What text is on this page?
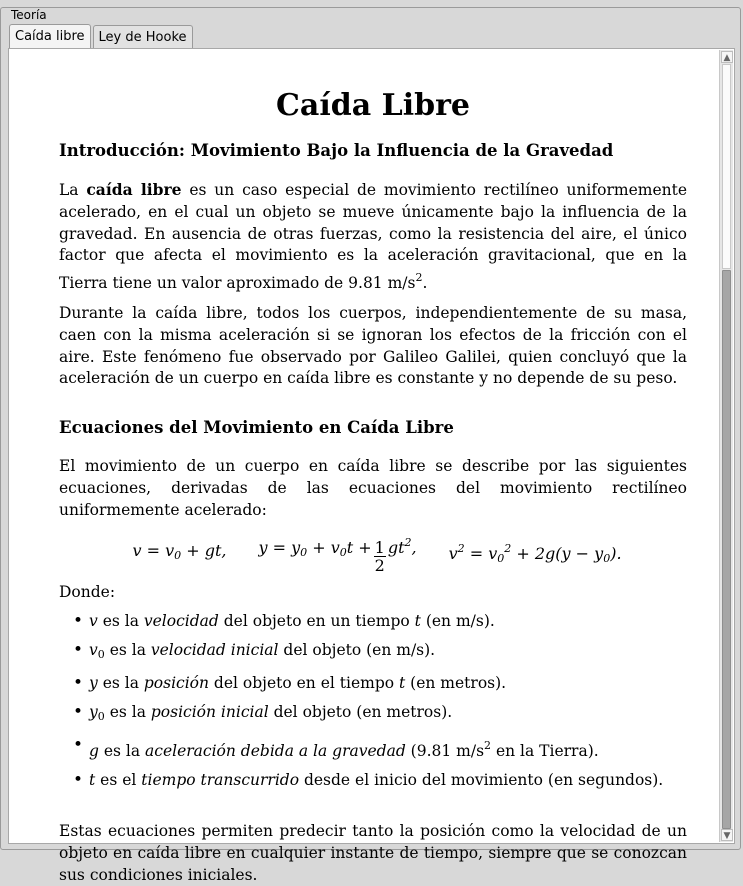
Teoría
Caída libre	Ley de Hooke
Caída Libre
Introducción: Movimiento Bajo la Influencia de la Gravedad

La caída libre es un caso especial de movimiento rectilíneo uniformemente acelerado, en el cual un objeto se mueve únicamente bajo la influencia de la gravedad. En ausencia de otras fuerzas, como la resistencia del aire, el único factor que afecta el movimiento es la aceleración gravitacional, que en la Tierra tiene un valor aproximado de 9.81 $m/s^2$.

Durante la caída libre, todos los cuerpos, independientemente de su masa, caen con la misma aceleración si se ignoran los efectos de la fricción con el aire. Este fenómeno fue observado por Galileo Galilei, quien concluyó que la aceleración de un cuerpo en caída libre es constante y no depende de su peso.

Ecuaciones del Movimiento en Caída Libre

El movimiento de un cuerpo en caída libre se describe por las siguientes ecuaciones, derivadas de las ecuaciones del movimiento rectilíneo uniformemente acelerado:

$v = v_0$ + gt, $y = y_0 + v_0t + \frac{1}{2} gt^2$, $v^2 = v_0^2 + 2g(y - y_0)$.

Donde:

• v es la velocidad del objeto en un tiempo t (en m/s).
• $v_0$ es la velocidad inicial del objeto (en m/s).
• y es la posición del objeto en el tiempo t (en metros).
• $y_0$ es la posición inicial del objeto (en metros).
• g es la aceleración debida a la gravedad (9.81 $m/s^2$ en la Tierra).
• t es el tiempo transcurrido desde el inicio del movimiento (en segundos).

Estas ecuaciones permiten predecir tanto la posición como la velocidad de un objeto en caída libre en cualquier instante de tiempo, siempre que se conozcan sus condiciones iniciales.

▲
▼
